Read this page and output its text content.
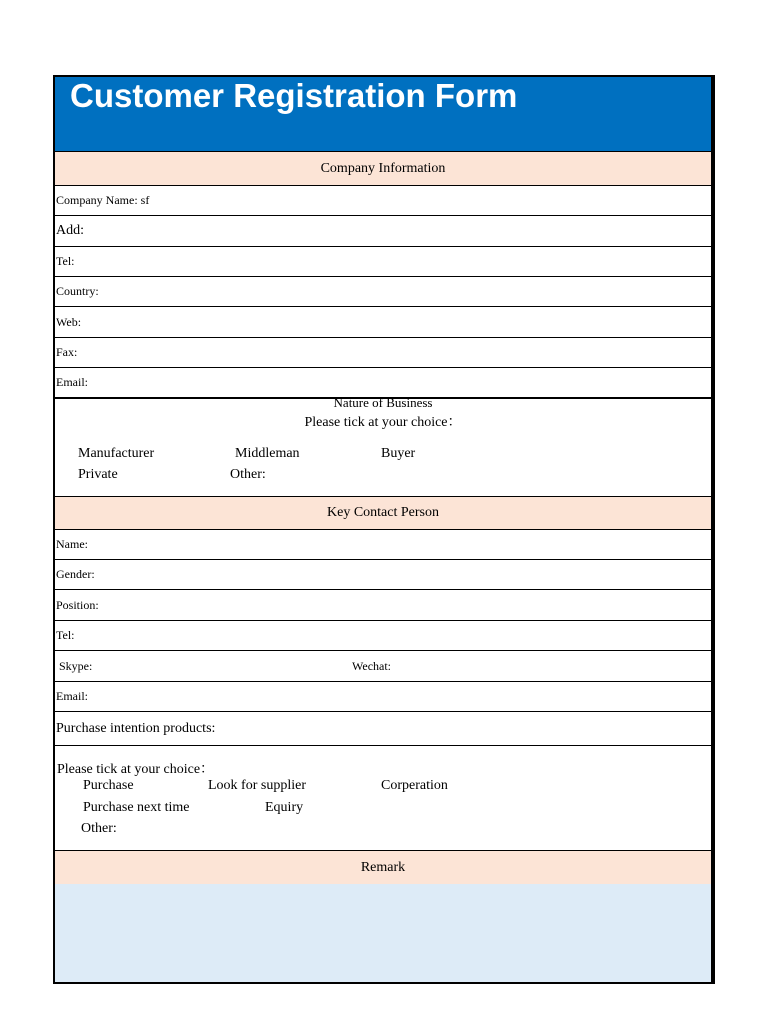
Customer Registration Form
Company Information
Company Name: sf
Add:
Tel:
Country:
Web:
Fax:
Email:
Nature of Business
Please tick at your choice：
Manufacturer	Middleman	Buyer
Private	Other:
Key Contact Person
Name:
Gender:
Position:
Tel:
Skype:	Wechat:
Email:
Purchase intention products:
Please tick at your choice：
Purchase	Look for supplier	Corperation
Purchase next time	Equiry
Other:
Remark
